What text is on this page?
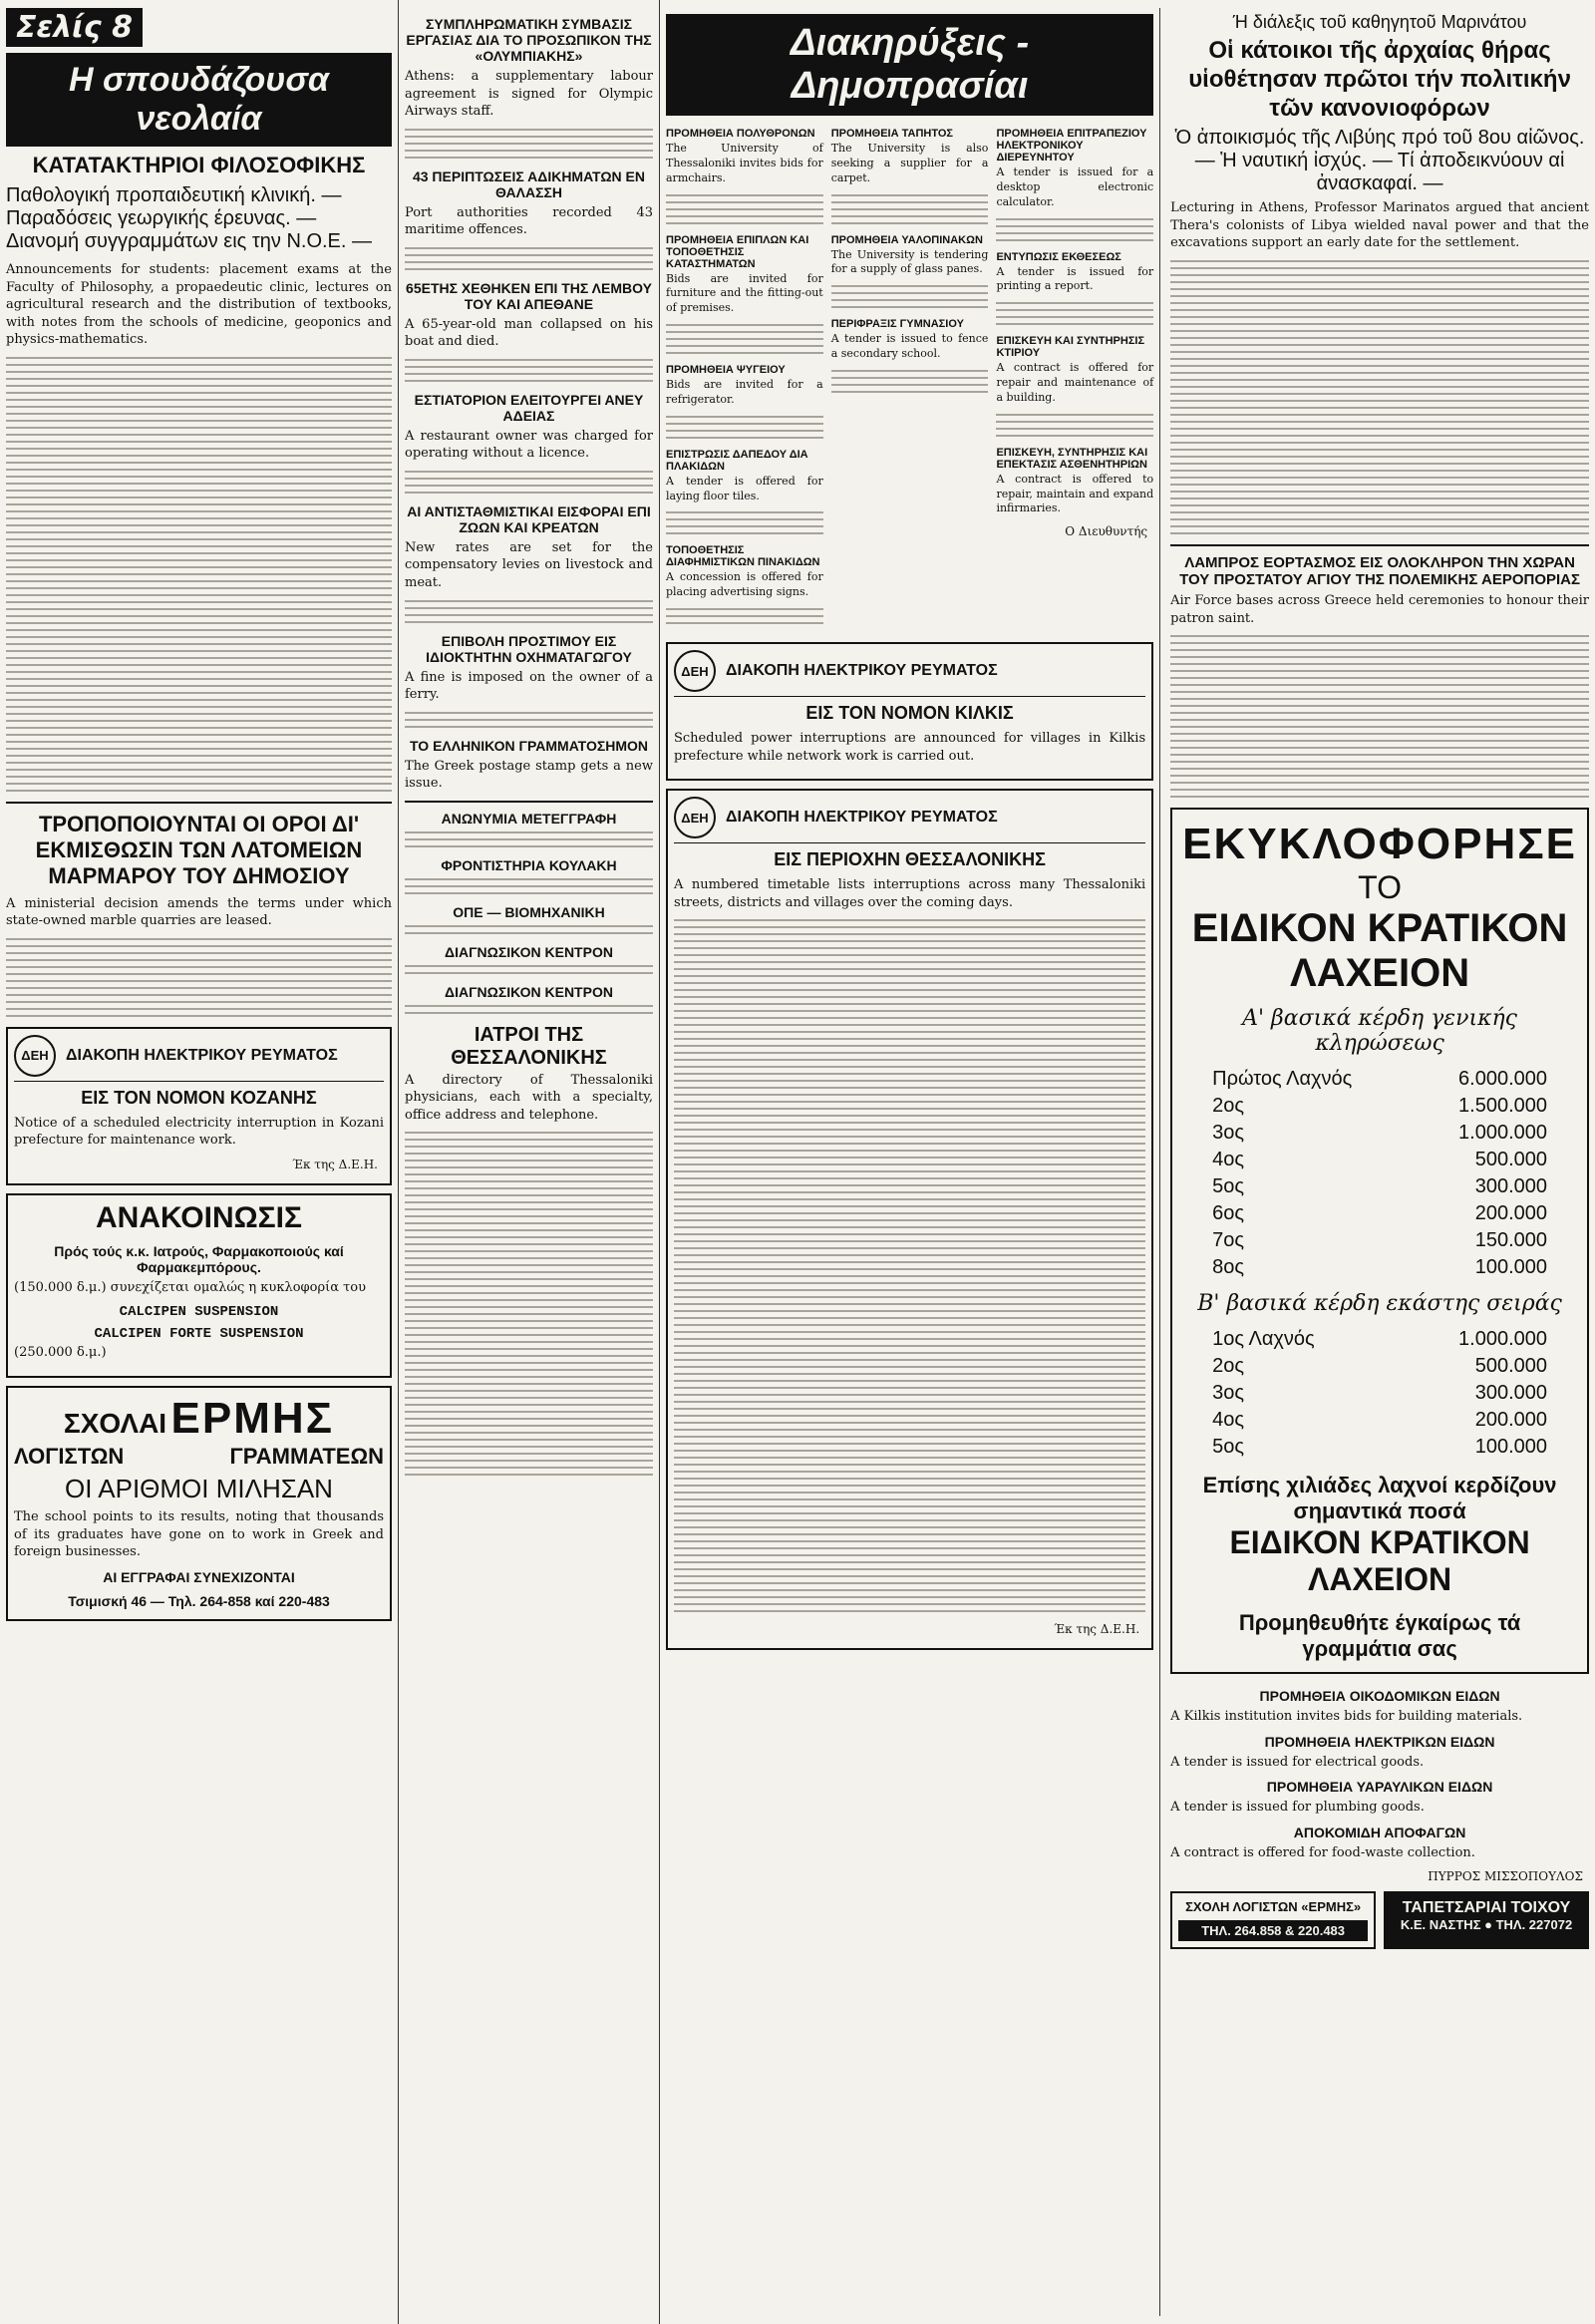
Σελίς 8
Η σπουδάζουσα νεολαία
ΚΑΤΑΤΑΚΤΗΡΙΟΙ ΦΙΛΟΣΟΦΙΚΗΣ
Παθολογική προπαιδευτική κλινική. — Παραδόσεις γεωργικής έρευνας. — Διανομή συγγραμμάτων εις την Ν.Ο.Ε. —
Announcements for students: placement exams at the Faculty of Philosophy, a propaedeutic clinic, lectures on agricultural research and the distribution of textbooks, with notes from the schools of medicine, geoponics and physics-mathematics.
ΤΡΟΠΟΠΟΙΟΥΝΤΑΙ ΟΙ ΟΡΟΙ ΔΙ' ΕΚΜΙΣΘΩΣΙΝ ΤΩΝ ΛΑΤΟΜΕΙΩΝ ΜΑΡΜΑΡΟΥ ΤΟΥ ΔΗΜΟΣΙΟΥ
A ministerial decision amends the terms under which state-owned marble quarries are leased.
ΔΕΗ	ΔΙΑΚΟΠΗ ΗΛΕΚΤΡΙΚΟΥ ΡΕΥΜΑΤΟΣ
ΕΙΣ ΤΟΝ ΝΟΜΟΝ ΚΟΖΑΝΗΣ
Notice of a scheduled electricity interruption in Kozani prefecture for maintenance work.
Έκ της Δ.Ε.Η.
ΑΝΑΚΟΙΝΩΣΙΣ
Πρός τούς κ.κ. Ιατρούς, Φαρμακοποιούς καί Φαρμακεμπόρους.
(150.000 δ.μ.) συνεχίζεται ομαλώς η κυκλοφορία του
CALCIPEN SUSPENSION
CALCIPEN FORTE SUSPENSION
(250.000 δ.μ.)
ΣΧΟΛΑΙ ΕΡΜΗΣ
ΛΟΓΙΣΤΩΝ	ΓΡΑΜΜΑΤΕΩΝ
ΟΙ ΑΡΙΘΜΟΙ ΜΙΛΗΣΑΝ
The school points to its results, noting that thousands of its graduates have gone on to work in Greek and foreign businesses.
ΑΙ ΕΓΓΡΑΦΑΙ ΣΥΝΕΧΙΖΟΝΤΑΙ
Τσιμισκή 46 — Τηλ. 264-858 καί 220-483
ΣΥΜΠΛΗΡΩΜΑΤΙΚΗ ΣΥΜΒΑΣΙΣ ΕΡΓΑΣΙΑΣ ΔΙΑ ΤΟ ΠΡΟΣΩΠΙΚΟΝ ΤΗΣ «ΟΛΥΜΠΙΑΚΗΣ»
Athens: a supplementary labour agreement is signed for Olympic Airways staff.
43 ΠΕΡΙΠΤΩΣΕΙΣ ΑΔΙΚΗΜΑΤΩΝ ΕΝ ΘΑΛΑΣΣΗ
Port authorities recorded 43 maritime offences.
65ΕΤΗΣ ΧΕΘΗΚΕΝ ΕΠΙ ΤΗΣ ΛΕΜΒΟΥ ΤΟΥ ΚΑΙ ΑΠΕΘΑΝΕ
A 65-year-old man collapsed on his boat and died.
ΕΣΤΙΑΤΟΡΙΟΝ ΕΛΕΙΤΟΥΡΓΕΙ ΑΝΕΥ ΑΔΕΙΑΣ
A restaurant owner was charged for operating without a licence.
ΑΙ ΑΝΤΙΣΤΑΘΜΙΣΤΙΚΑΙ ΕΙΣΦΟΡΑΙ ΕΠΙ ΖΩΩΝ ΚΑΙ ΚΡΕΑΤΩΝ
New rates are set for the compensatory levies on livestock and meat.
ΕΠΙΒΟΛΗ ΠΡΟΣΤΙΜΟΥ ΕΙΣ ΙΔΙΟΚΤΗΤΗΝ ΟΧΗΜΑΤΑΓΩΓΟΥ
A fine is imposed on the owner of a ferry.
ΤΟ ΕΛΛΗΝΙΚΟΝ ΓΡΑΜΜΑΤΟΣΗΜΟΝ
The Greek postage stamp gets a new issue.
ΑΝΩΝΥΜΙΑ ΜΕΤΕΓΓΡΑΦΗ
ΦΡΟΝΤΙΣΤΗΡΙΑ ΚΟΥΛΑΚΗ
ΟΠΕ — ΒΙΟΜΗΧΑΝΙΚΗ
ΔΙΑΓΝΩΣΙΚΟΝ ΚΕΝΤΡΟΝ
ΔΙΑΓΝΩΣΙΚΟΝ ΚΕΝΤΡΟΝ
ΙΑΤΡΟΙ ΤΗΣ ΘΕΣΣΑΛΟΝΙΚΗΣ
A directory of Thessaloniki physicians, each with a specialty, office address and telephone.
Διακηρύξεις - Δημοπρασίαι
ΠΡΟΜΗΘΕΙΑ ΠΟΛΥΘΡΟΝΩΝ
The University of Thessaloniki invites bids for armchairs.
ΠΡΟΜΗΘΕΙΑ ΕΠΙΠΛΩΝ ΚΑΙ ΤΟΠΟΘΕΤΗΣΙΣ ΚΑΤΑΣΤΗΜΑΤΩΝ
Bids are invited for furniture and the fitting-out of premises.
ΠΡΟΜΗΘΕΙΑ ΨΥΓΕΙΟΥ
Bids are invited for a refrigerator.
ΕΠΙΣΤΡΩΣΙΣ ΔΑΠΕΔΟΥ ΔΙΑ ΠΛΑΚΙΔΩΝ
A tender is offered for laying floor tiles.
ΤΟΠΟΘΕΤΗΣΙΣ ΔΙΑΦΗΜΙΣΤΙΚΩΝ ΠΙΝΑΚΙΔΩΝ
A concession is offered for placing advertising signs.
ΠΡΟΜΗΘΕΙΑ ΤΑΠΗΤΟΣ
The University is also seeking a supplier for a carpet.
ΠΡΟΜΗΘΕΙΑ ΥΑΛΟΠΙΝΑΚΩΝ
The University is tendering for a supply of glass panes.
ΠΕΡΙΦΡΑΞΙΣ ΓΥΜΝΑΣΙΟΥ
A tender is issued to fence a secondary school.
ΠΡΟΜΗΘΕΙΑ ΕΠΙΤΡΑΠΕΖΙΟΥ ΗΛΕΚΤΡΟΝΙΚΟΥ ΔΙΕΡΕΥΝΗΤΟΥ
A tender is issued for a desktop electronic calculator.
ΕΝΤΥΠΩΣΙΣ ΕΚΘΕΣΕΩΣ
A tender is issued for printing a report.
ΕΠΙΣΚΕΥΗ ΚΑΙ ΣΥΝΤΗΡΗΣΙΣ ΚΤΙΡΙΟΥ
A contract is offered for repair and maintenance of a building.
ΕΠΙΣΚΕΥΗ, ΣΥΝΤΗΡΗΣΙΣ ΚΑΙ ΕΠΕΚΤΑΣΙΣ ΑΣΘΕΝΗΤΗΡΙΩΝ
A contract is offered to repair, maintain and expand infirmaries.
Ο Διευθυντής
ΔΕΗ	ΔΙΑΚΟΠΗ ΗΛΕΚΤΡΙΚΟΥ ΡΕΥΜΑΤΟΣ
ΕΙΣ ΤΟΝ ΝΟΜΟΝ ΚΙΛΚΙΣ
Scheduled power interruptions are announced for villages in Kilkis prefecture while network work is carried out.
ΔΕΗ	ΔΙΑΚΟΠΗ ΗΛΕΚΤΡΙΚΟΥ ΡΕΥΜΑΤΟΣ
ΕΙΣ ΠΕΡΙΟΧΗΝ ΘΕΣΣΑΛΟΝΙΚΗΣ
A numbered timetable lists interruptions across many Thessaloniki streets, districts and villages over the coming days.
Έκ της Δ.Ε.Η.
Ή διάλεξις τοῦ καθηγητοῦ Μαρινάτου
Οἱ κάτοικοι τῆς ἀρχαίας θήρας υἱοθέτησαν πρῶτοι τήν πολιτικήν τῶν κανονιοφόρων
Ὁ ἀποικισμός τῆς Λιβύης πρό τοῦ 8ου αἰῶνος. — Ἡ ναυτική ἰσχύς. — Τί ἀποδεικνύουν αἱ ἀνασκαφαί. —
Lecturing in Athens, Professor Marinatos argued that ancient Thera's colonists of Libya wielded naval power and that the excavations support an early date for the settlement.
ΛΑΜΠΡΟΣ ΕΟΡΤΑΣΜΟΣ ΕΙΣ ΟΛΟΚΛΗΡΟΝ ΤΗΝ ΧΩΡΑΝ ΤΟΥ ΠΡΟΣΤΑΤΟΥ ΑΓΙΟΥ ΤΗΣ ΠΟΛΕΜΙΚΗΣ ΑΕΡΟΠΟΡΙΑΣ
Air Force bases across Greece held ceremonies to honour their patron saint.
ΕΚΥΚΛΟΦΟΡΗΣΕ
ΤΟ
ΕΙΔΙΚΟΝ ΚΡΑΤΙΚΟΝ ΛΑΧΕΙΟΝ
Α' βασικά κέρδη γενικής κληρώσεως
Πρώτος Λαχνός	6.000.000
2ος	1.500.000
3ος	1.000.000
4ος	500.000
5ος	300.000
6ος	200.000
7ος	150.000
8ος	100.000
Β' βασικά κέρδη εκάστης σειράς
1ος Λαχνός	1.000.000
2ος	500.000
3ος	300.000
4ος	200.000
5ος	100.000
Επίσης χιλιάδες λαχνοί κερδίζουν σημαντικά ποσά
ΕΙΔΙΚΟΝ ΚΡΑΤΙΚΟΝ ΛΑΧΕΙΟΝ
Προμηθευθήτε έγκαίρως τά γραμμάτια σας
ΠΡΟΜΗΘΕΙΑ ΟΙΚΟΔΟΜΙΚΩΝ ΕΙΔΩΝ
A Kilkis institution invites bids for building materials.
ΠΡΟΜΗΘΕΙΑ ΗΛΕΚΤΡΙΚΩΝ ΕΙΔΩΝ
A tender is issued for electrical goods.
ΠΡΟΜΗΘΕΙΑ ΥΑΡΑΥΛΙΚΩΝ ΕΙΔΩΝ
A tender is issued for plumbing goods.
ΑΠΟΚΟΜΙΔΗ ΑΠΟΦΑΓΩΝ
A contract is offered for food-waste collection.
ΠΥΡΡΟΣ ΜΙΣΣΟΠΟΥΛΟΣ
ΣΧΟΛΗ ΛΟΓΙΣΤΩΝ «ΕΡΜΗΣ»
ΤΗΛ. 264.858 & 220.483
ΤΑΠΕΤΣΑΡΙΑΙ ΤΟΙΧΟΥ
Κ.Ε. ΝΑΣΤΗΣ ● ΤΗΛ. 227072
